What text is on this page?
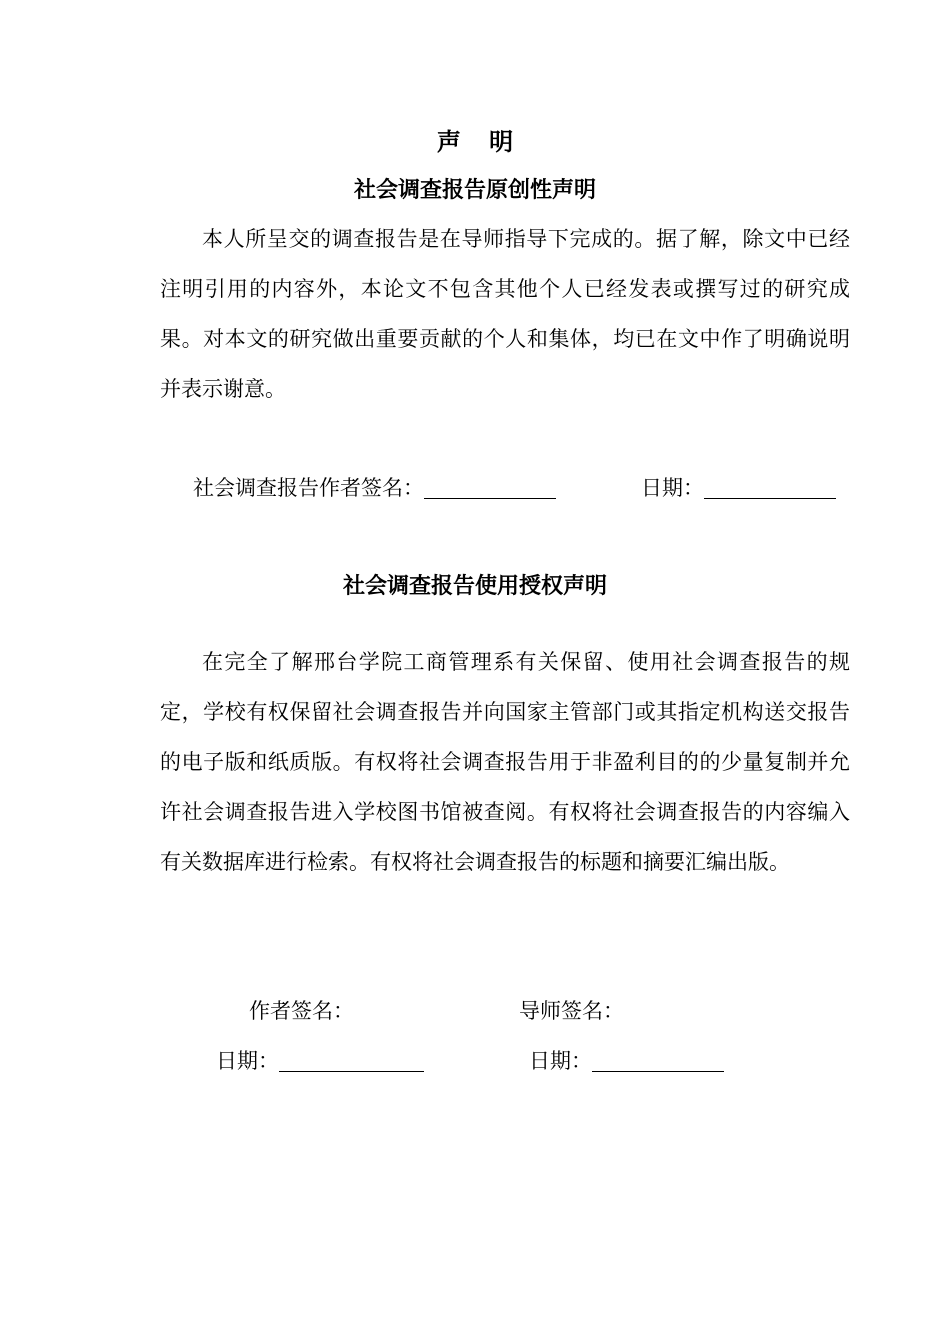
声 明
社会调查报告原创性声明

本人所呈交的调查报告是在导师指导下完成的。据了解，除文中已经注明引用的内容外，本论文不包含其他个人已经发表或撰写过的研究成果。对本文的研究做出重要贡献的个人和集体，均已在文中作了明确说明并表示谢意。

社会调查报告作者签名：	日期：
社会调查报告使用授权声明

在完全了解邢台学院工商管理系有关保留、使用社会调查报告的规定，学校有权保留社会调查报告并向国家主管部门或其指定机构送交报告的电子版和纸质版。有权将社会调查报告用于非盈利目的的少量复制并允许社会调查报告进入学校图书馆被查阅。有权将社会调查报告的内容编入有关数据库进行检索。有权将社会调查报告的标题和摘要汇编出版。

作者签名：	导师签名：
日期：	日期：
